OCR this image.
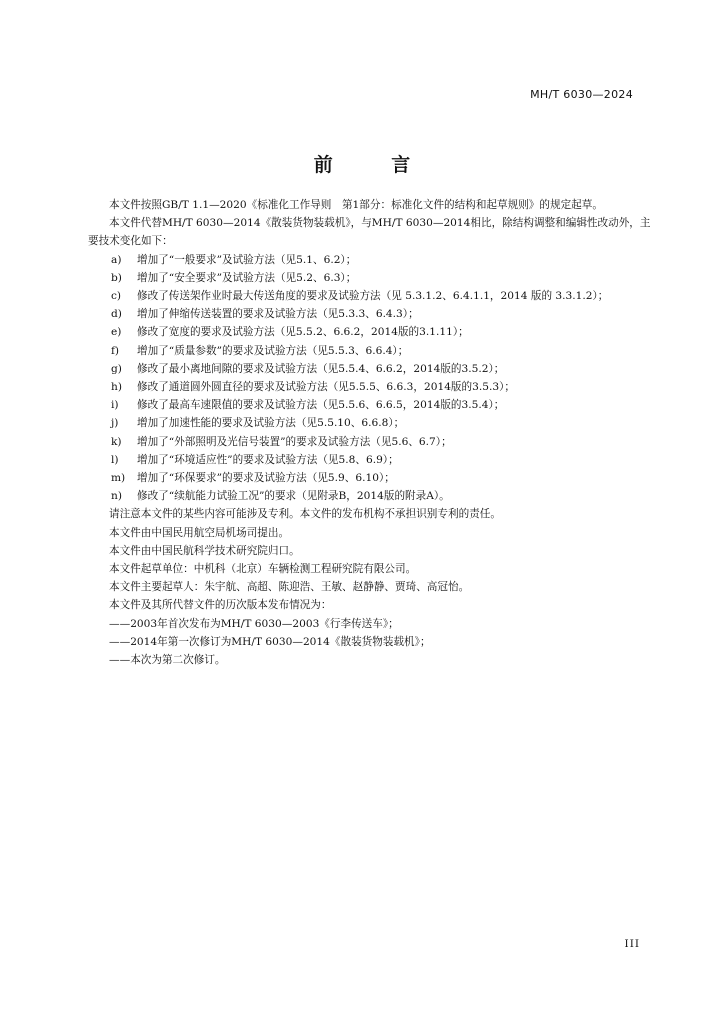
MH/T 6030—2024
前 言

本文件按照GB/T 1.1—2020《标准化工作导则　第1部分：标准化文件的结构和起草规则》的规定起草。

本文件代替MH/T 6030—2014《散装货物装载机》，与MH/T 6030—2014相比，除结构调整和编辑性改动外，主要技术变化如下：

a) 增加了“一般要求”及试验方法（见5.1、6.2）；

b) 增加了“安全要求”及试验方法（见5.2、6.3）；

c) 修改了传送架作业时最大传送角度的要求及试验方法（见 5.3.1.2、6.4.1.1，2014 版的 3.3.1.2）；

d) 增加了伸缩传送装置的要求及试验方法（见5.3.3、6.4.3）；

e) 修改了宽度的要求及试验方法（见5.5.2、6.6.2，2014版的3.1.11）；

f) 增加了“质量参数”的要求及试验方法（见5.5.3、6.6.4）；

g) 修改了最小离地间隙的要求及试验方法（见5.5.4、6.6.2，2014版的3.5.2）；

h) 修改了通道圆外圆直径的要求及试验方法（见5.5.5、6.6.3，2014版的3.5.3）；

i) 修改了最高车速限值的要求及试验方法（见5.5.6、6.6.5，2014版的3.5.4）；

j) 增加了加速性能的要求及试验方法（见5.5.10、6.6.8）；

k) 增加了“外部照明及光信号装置”的要求及试验方法（见5.6、6.7）；

l) 增加了“环境适应性”的要求及试验方法（见5.8、6.9）；

m) 增加了“环保要求”的要求及试验方法（见5.9、6.10）；

n) 修改了“续航能力试验工况”的要求（见附录B，2014版的附录A）。

请注意本文件的某些内容可能涉及专利。本文件的发布机构不承担识别专利的责任。

本文件由中国民用航空局机场司提出。

本文件由中国民航科学技术研究院归口。

本文件起草单位：中机科（北京）车辆检测工程研究院有限公司。

本文件主要起草人：朱宇航、高超、陈迎浩、王敏、赵静静、贾琦、高冠怡。

本文件及其所代替文件的历次版本发布情况为：

——2003年首次发布为MH/T 6030—2003《行李传送车》；

——2014年第一次修订为MH/T 6030—2014《散装货物装载机》；

——本次为第二次修订。

III
